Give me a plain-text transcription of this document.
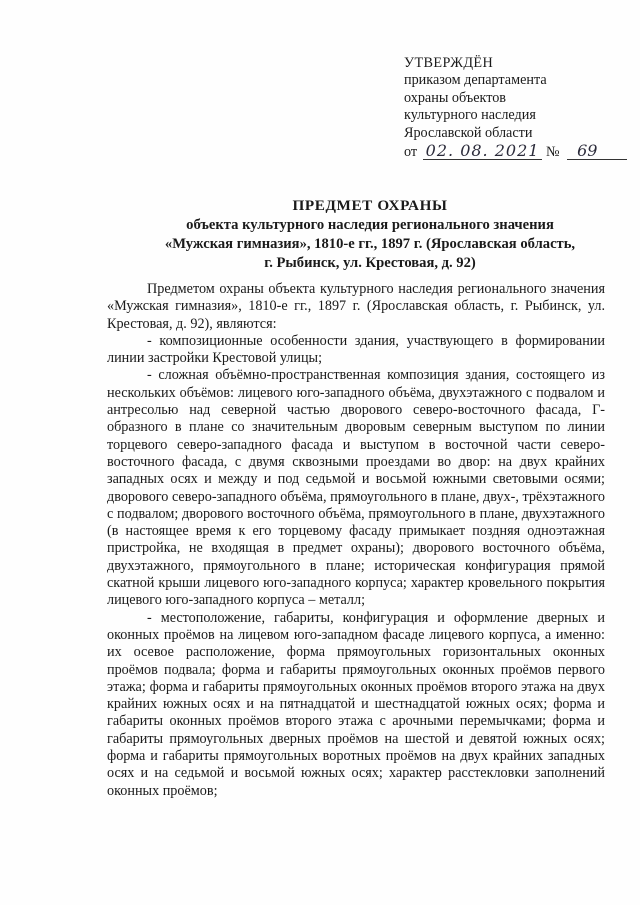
УТВЕРЖДЁН
приказом департамента
охраны объектов
культурного наследия
Ярославской области
от 02. 08. 2021 № 69
ПРЕДМЕТ ОХРАНЫ
объекта культурного наследия регионального значения
«Мужская гимназия», 1810-е гг., 1897 г. (Ярославская область,
г. Рыбинск, ул. Крестовая, д. 92)

Предметом охраны объекта культурного наследия регионального значения «Мужская гимназия», 1810-е гг., 1897 г. (Ярославская область, г. Рыбинск, ул. Крестовая, д. 92), являются:

- композиционные особенности здания, участвующего в формировании линии застройки Крестовой улицы;

- сложная объёмно-пространственная композиция здания, состоящего из нескольких объёмов: лицевого юго-западного объёма, двухэтажного с подвалом и антресолью над северной частью дворового северо-восточного фасада, Г-образного в плане со значительным дворовым северным выступом по линии торцевого северо-западного фасада и выступом в восточной части северо-восточного фасада, с двумя сквозными проездами во двор: на двух крайних западных осях и между и под седьмой и восьмой южными световыми осями; дворового северо-западного объёма, прямоугольного в плане, двух-, трёхэтажного с подвалом; дворового восточного объёма, прямоугольного в плане, двухэтажного (в настоящее время к его торцевому фасаду примыкает поздняя одноэтажная пристройка, не входящая в предмет охраны); дворового восточного объёма, двухэтажного, прямоугольного в плане; историческая конфигурация прямой скатной крыши лицевого юго-западного корпуса; характер кровельного покрытия лицевого юго-западного корпуса – металл;

- местоположение, габариты, конфигурация и оформление дверных и оконных проёмов на лицевом юго-западном фасаде лицевого корпуса, а именно: их осевое расположение, форма прямоугольных горизонтальных оконных проёмов подвала; форма и габариты прямоугольных оконных проёмов первого этажа; форма и габариты прямоугольных оконных проёмов второго этажа на двух крайних южных осях и на пятнадцатой и шестнадцатой южных осях; форма и габариты оконных проёмов второго этажа с арочными перемычками; форма и габариты прямоугольных дверных проёмов на шестой и девятой южных осях; форма и габариты прямоугольных воротных проёмов на двух крайних западных осях и на седьмой и восьмой южных осях; характер расстекловки заполнений оконных проёмов;
